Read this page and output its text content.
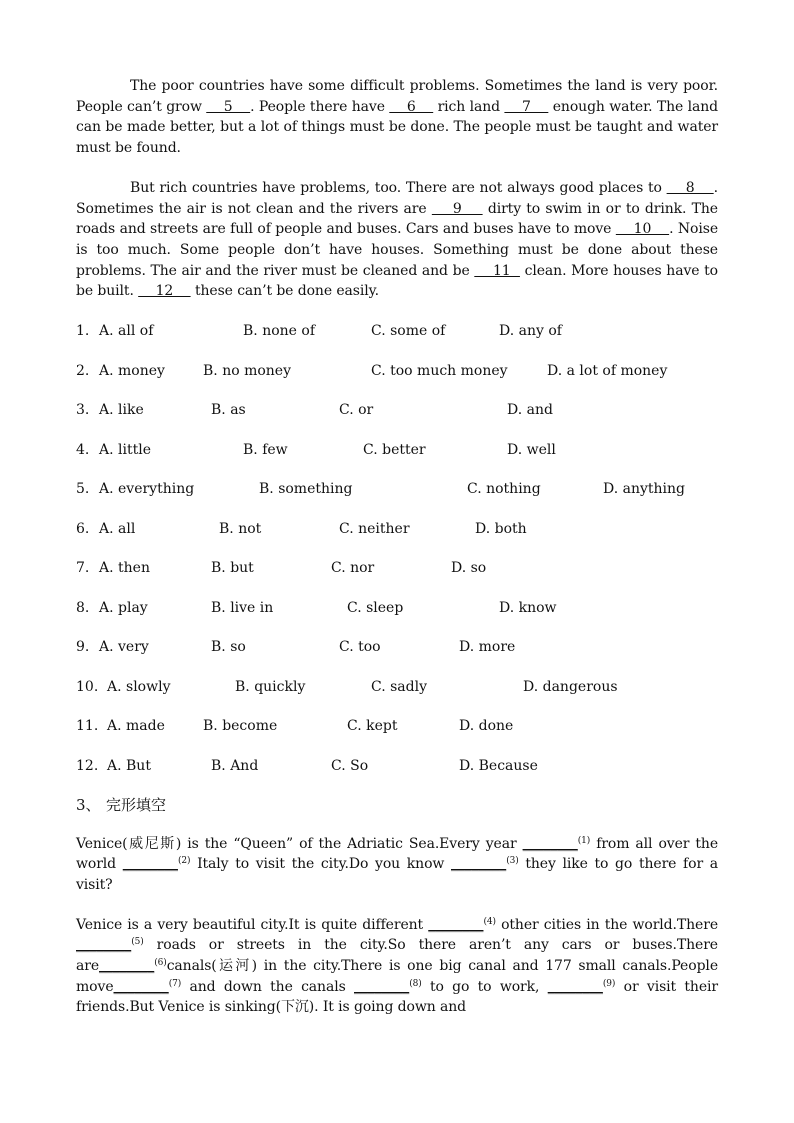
The poor countries have some difficult problems. Sometimes the land is very poor. People can’t grow     5    . People there have     6     rich land     7     enough water. The land can be made better, but a lot of things must be done. The people must be taught and water must be found.

But rich countries have problems, too. There are not always good places to     8    . Sometimes the air is not clean and the rivers are     9     dirty to swim in or to drink. The roads and streets are full of people and buses. Cars and buses have to move     10    . Noise is too much. Some people don’t have houses. Something must be done about these problems. The air and the river must be cleaned and be     11   clean. More houses have to be built.     12     these can’t be done easily.

1. A. all of	B. none of	C. some of	D. any of
2. A. money	B. no money	C. too much money	D. a lot of money
3. A. like	B. as	C. or	D. and
4. A. little	B. few	C. better	D. well
5. A. everything	B. something	C. nothing	D. anything
6. A. all	B. not	C. neither	D. both
7. A. then	B. but	C. nor	D. so
8. A. play	B. live in	C. sleep	D. know
9. A. very	B. so	C. too	D. more
10. A. slowly	B. quickly	C. sadly	D. dangerous
11. A. made	B. become	C. kept	D. done
12. A. But	B. And	C. So	D. Because
3、 完形填空

Venice(威尼斯) is the “Queen” of the Adriatic Sea.Every year ________$^{(1)}$ from all over the world ________$^{(2)}$ Italy to visit the city.Do you know ________$^{(3)}$ they like to go there for a visit?

Venice is a very beautiful city.It is quite different ________$^{(4)}$ other cities in the world.There ________$^{(5)}$ roads or streets in the city.So there aren’t any cars or buses.There are________$^{(6)}$canals(运河) in the city.There is one big canal and 177 small canals.People move________$^{(7)}$ and down the canals ________$^{(8)}$ to go to work, ________$^{(9)}$ or visit their friends.But Venice is sinking(下沉). It is going down and
